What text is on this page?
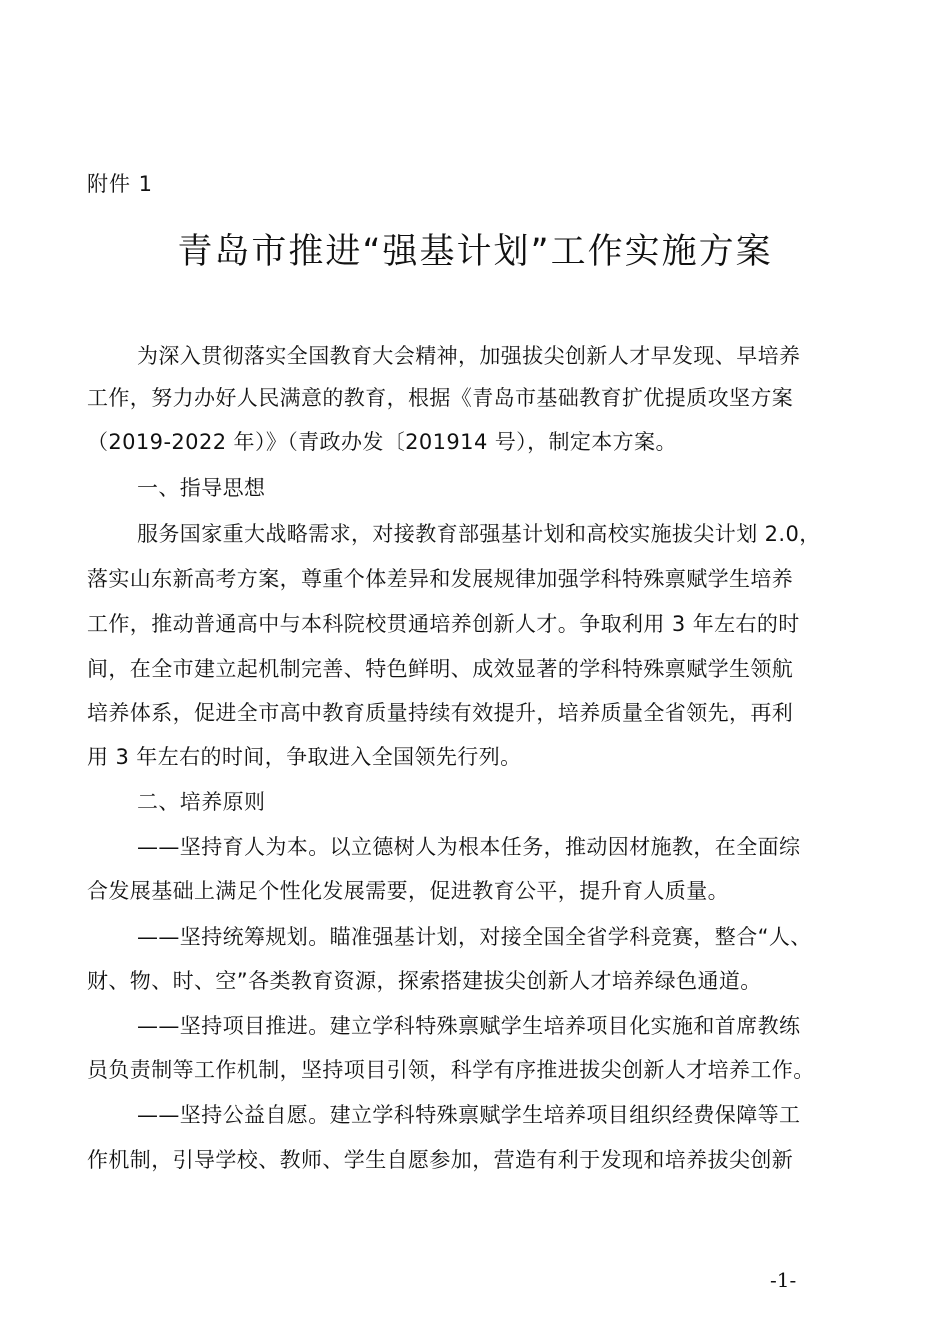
附件 1
青岛市推进“强基计划”工作实施方案
为深入贯彻落实全国教育大会精神，加强拔尖创新人才早发现、早培养
工作，努力办好人民满意的教育，根据《青岛市基础教育扩优提质攻坚方案
（2019-2022 年）》（青政办发〔201914 号），制定本方案。
一、指导思想
服务国家重大战略需求，对接教育部强基计划和高校实施拔尖计划 2.0，
落实山东新高考方案，尊重个体差异和发展规律加强学科特殊禀赋学生培养
工作，推动普通高中与本科院校贯通培养创新人才。争取利用 3 年左右的时
间，在全市建立起机制完善、特色鲜明、成效显著的学科特殊禀赋学生领航
培养体系，促进全市高中教育质量持续有效提升，培养质量全省领先，再利
用 3 年左右的时间，争取进入全国领先行列。
二、培养原则
——坚持育人为本。以立德树人为根本任务，推动因材施教，在全面综
合发展基础上满足个性化发展需要，促进教育公平，提升育人质量。
——坚持统筹规划。瞄准强基计划，对接全国全省学科竞赛，整合“人、
财、物、时、空”各类教育资源，探索搭建拔尖创新人才培养绿色通道。
——坚持项目推进。建立学科特殊禀赋学生培养项目化实施和首席教练
员负责制等工作机制，坚持项目引领，科学有序推进拔尖创新人才培养工作。
——坚持公益自愿。建立学科特殊禀赋学生培养项目组织经费保障等工
作机制，引导学校、教师、学生自愿参加，营造有利于发现和培养拔尖创新
-1-
